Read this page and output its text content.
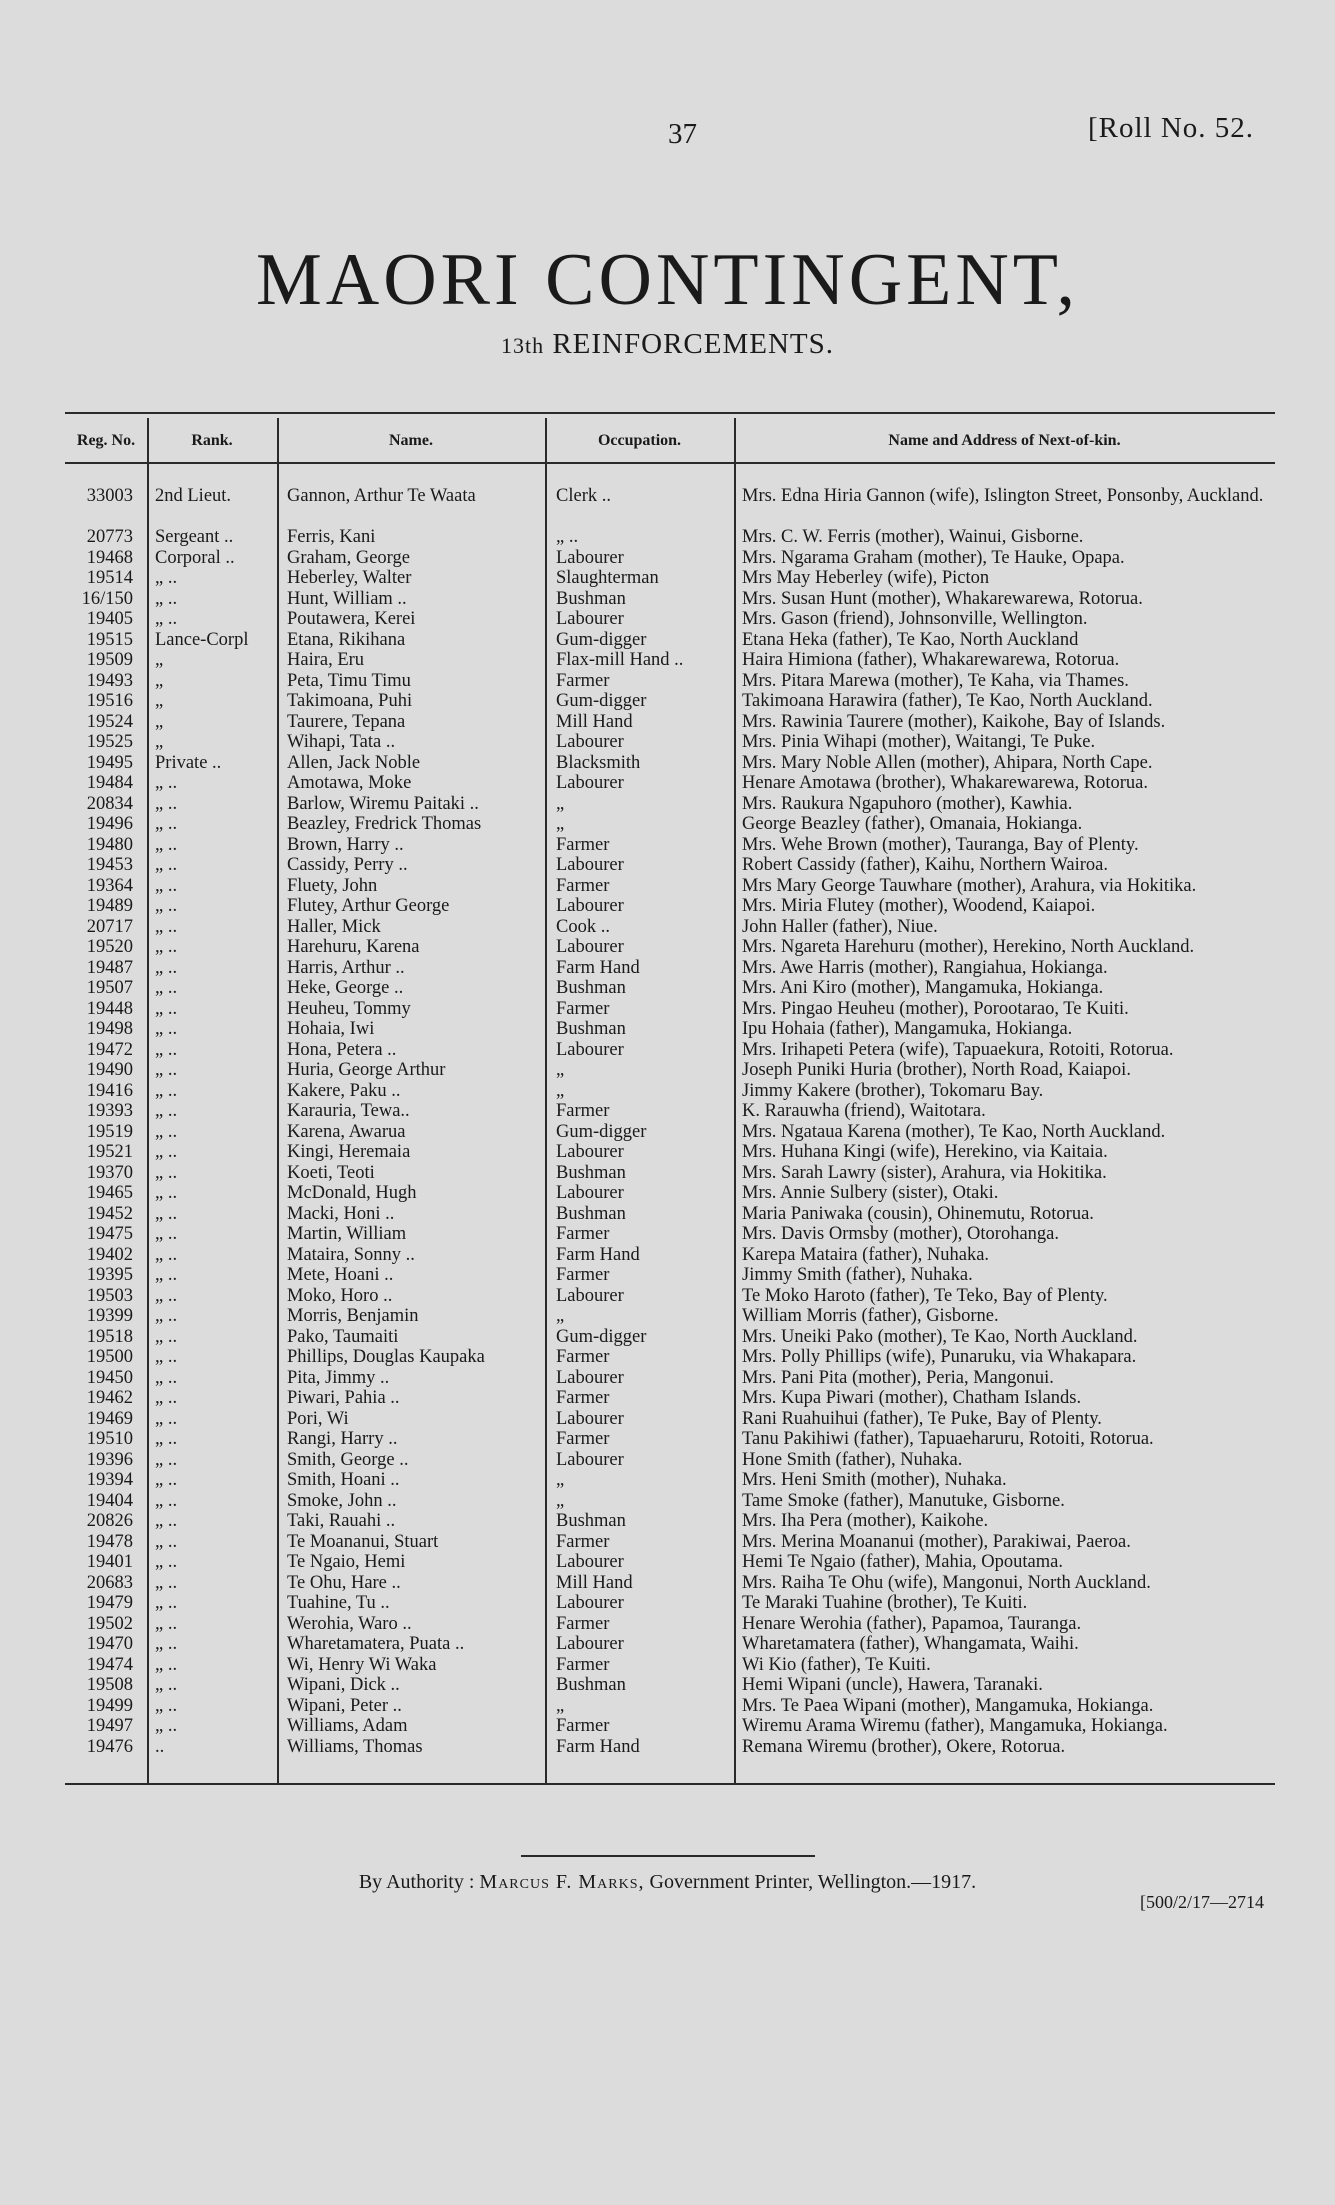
37	[Roll No. 52.
MAORI CONTINGENT,
13th REINFORCEMENTS.
Reg. No.	Rank.	Name.	Occupation.	Name and Address of Next-of-kin.
33003 2nd Lieut.	Gannon, Arthur Te Waata	Clerk ..	Mrs. Edna Hiria Gannon (wife), Islington Street, Ponsonby, Auckland.
20773 Sergeant ..	Ferris, Kani	„ ..	Mrs. C. W. Ferris (mother), Wainui, Gisborne.
19468 Corporal ..	Graham, George	Labourer	Mrs. Ngarama Graham (mother), Te Hauke, Opapa.
19514 „ ..	Heberley, Walter	Slaughterman	Mrs May Heberley (wife), Picton
16/150 „ ..	Hunt, William ..	Bushman	Mrs. Susan Hunt (mother), Whakarewarewa, Rotorua.
19405 „ ..	Poutawera, Kerei	Labourer	Mrs. Gason (friend), Johnsonville, Wellington.
19515 Lance-Corpl	Etana, Rikihana	Gum-digger	Etana Heka (father), Te Kao, North Auckland
19509 „	Haira, Eru	Flax-mill Hand ..	Haira Himiona (father), Whakarewarewa, Rotorua.
19493 „	Peta, Timu Timu	Farmer	Mrs. Pitara Marewa (mother), Te Kaha, via Thames.
19516 „	Takimoana, Puhi	Gum-digger	Takimoana Harawira (father), Te Kao, North Auckland.
19524 „	Taurere, Tepana	Mill Hand	Mrs. Rawinia Taurere (mother), Kaikohe, Bay of Islands.
19525 „	Wihapi, Tata ..	Labourer	Mrs. Pinia Wihapi (mother), Waitangi, Te Puke.
19495 Private ..	Allen, Jack Noble	Blacksmith	Mrs. Mary Noble Allen (mother), Ahipara, North Cape.
19484 „ ..	Amotawa, Moke	Labourer	Henare Amotawa (brother), Whakarewarewa, Rotorua.
20834 „ ..	Barlow, Wiremu Paitaki ..	„	Mrs. Raukura Ngapuhoro (mother), Kawhia.
19496 „ ..	Beazley, Fredrick Thomas	„	George Beazley (father), Omanaia, Hokianga.
19480 „ ..	Brown, Harry ..	Farmer	Mrs. Wehe Brown (mother), Tauranga, Bay of Plenty.
19453 „ ..	Cassidy, Perry ..	Labourer	Robert Cassidy (father), Kaihu, Northern Wairoa.
19364 „ ..	Fluety, John	Farmer	Mrs Mary George Tauwhare (mother), Arahura, via Hokitika.
19489 „ ..	Flutey, Arthur George	Labourer	Mrs. Miria Flutey (mother), Woodend, Kaiapoi.
20717 „ ..	Haller, Mick	Cook ..	John Haller (father), Niue.
19520 „ ..	Harehuru, Karena	Labourer	Mrs. Ngareta Harehuru (mother), Herekino, North Auckland.
19487 „ ..	Harris, Arthur ..	Farm Hand	Mrs. Awe Harris (mother), Rangiahua, Hokianga.
19507 „ ..	Heke, George ..	Bushman	Mrs. Ani Kiro (mother), Mangamuka, Hokianga.
19448 „ ..	Heuheu, Tommy	Farmer	Mrs. Pingao Heuheu (mother), Porootarao, Te Kuiti.
19498 „ ..	Hohaia, Iwi	Bushman	Ipu Hohaia (father), Mangamuka, Hokianga.
19472 „ ..	Hona, Petera ..	Labourer	Mrs. Irihapeti Petera (wife), Tapuaekura, Rotoiti, Rotorua.
19490 „ ..	Huria, George Arthur	„	Joseph Puniki Huria (brother), North Road, Kaiapoi.
19416 „ ..	Kakere, Paku ..	„	Jimmy Kakere (brother), Tokomaru Bay.
19393 „ ..	Karauria, Tewa..	Farmer	K. Rarauwha (friend), Waitotara.
19519 „ ..	Karena, Awarua	Gum-digger	Mrs. Ngataua Karena (mother), Te Kao, North Auckland.
19521 „ ..	Kingi, Heremaia	Labourer	Mrs. Huhana Kingi (wife), Herekino, via Kaitaia.
19370 „ ..	Koeti, Teoti	Bushman	Mrs. Sarah Lawry (sister), Arahura, via Hokitika.
19465 „ ..	McDonald, Hugh	Labourer	Mrs. Annie Sulbery (sister), Otaki.
19452 „ ..	Macki, Honi ..	Bushman	Maria Paniwaka (cousin), Ohinemutu, Rotorua.
19475 „ ..	Martin, William	Farmer	Mrs. Davis Ormsby (mother), Otorohanga.
19402 „ ..	Mataira, Sonny ..	Farm Hand	Karepa Mataira (father), Nuhaka.
19395 „ ..	Mete, Hoani ..	Farmer	Jimmy Smith (father), Nuhaka.
19503 „ ..	Moko, Horo ..	Labourer	Te Moko Haroto (father), Te Teko, Bay of Plenty.
19399 „ ..	Morris, Benjamin	„	William Morris (father), Gisborne.
19518 „ ..	Pako, Taumaiti	Gum-digger	Mrs. Uneiki Pako (mother), Te Kao, North Auckland.
19500 „ ..	Phillips, Douglas Kaupaka	Farmer	Mrs. Polly Phillips (wife), Punaruku, via Whakapara.
19450 „ ..	Pita, Jimmy ..	Labourer	Mrs. Pani Pita (mother), Peria, Mangonui.
19462 „ ..	Piwari, Pahia ..	Farmer	Mrs. Kupa Piwari (mother), Chatham Islands.
19469 „ ..	Pori, Wi	Labourer	Rani Ruahuihui (father), Te Puke, Bay of Plenty.
19510 „ ..	Rangi, Harry ..	Farmer	Tanu Pakihiwi (father), Tapuaeharuru, Rotoiti, Rotorua.
19396 „ ..	Smith, George ..	Labourer	Hone Smith (father), Nuhaka.
19394 „ ..	Smith, Hoani ..	„	Mrs. Heni Smith (mother), Nuhaka.
19404 „ ..	Smoke, John ..	„	Tame Smoke (father), Manutuke, Gisborne.
20826 „ ..	Taki, Rauahi ..	Bushman	Mrs. Iha Pera (mother), Kaikohe.
19478 „ ..	Te Moananui, Stuart	Farmer	Mrs. Merina Moananui (mother), Parakiwai, Paeroa.
19401 „ ..	Te Ngaio, Hemi	Labourer	Hemi Te Ngaio (father), Mahia, Opoutama.
20683 „ ..	Te Ohu, Hare ..	Mill Hand	Mrs. Raiha Te Ohu (wife), Mangonui, North Auckland.
19479 „ ..	Tuahine, Tu ..	Labourer	Te Maraki Tuahine (brother), Te Kuiti.
19502 „ ..	Werohia, Waro ..	Farmer	Henare Werohia (father), Papamoa, Tauranga.
19470 „ ..	Wharetamatera, Puata ..	Labourer	Wharetamatera (father), Whangamata, Waihi.
19474 „ ..	Wi, Henry Wi Waka	Farmer	Wi Kio (father), Te Kuiti.
19508 „ ..	Wipani, Dick ..	Bushman	Hemi Wipani (uncle), Hawera, Taranaki.
19499 „ ..	Wipani, Peter ..	„	Mrs. Te Paea Wipani (mother), Mangamuka, Hokianga.
19497 „ ..	Williams, Adam	Farmer	Wiremu Arama Wiremu (father), Mangamuka, Hokianga.
19476 ..	Williams, Thomas	Farm Hand	Remana Wiremu (brother), Okere, Rotorua.
By Authority : Marcus F. Marks, Government Printer, Wellington.—1917.
[500/2/17—2714
